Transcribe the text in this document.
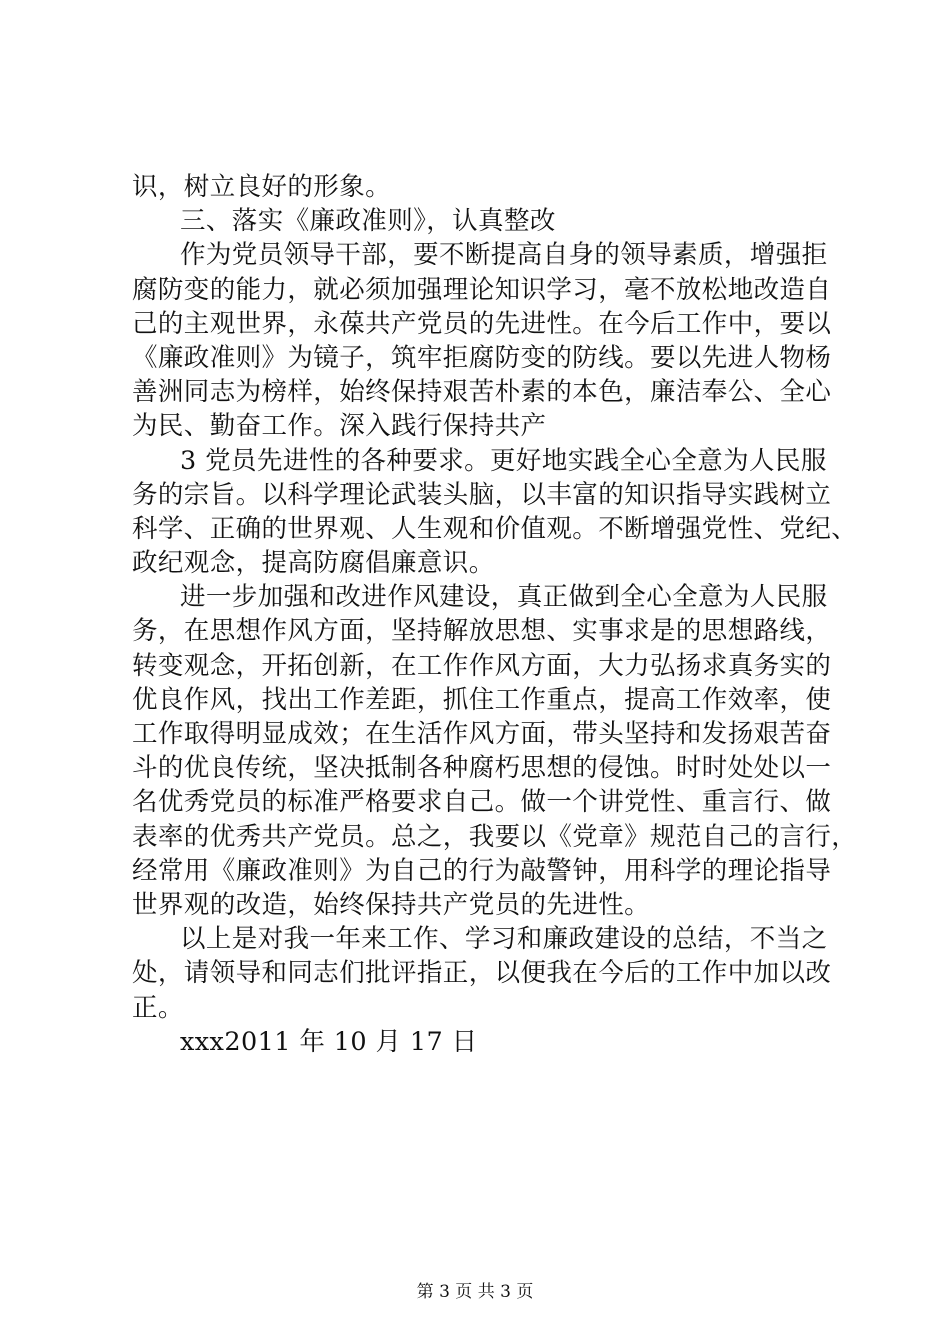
识，树立良好的形象。
三、落实《廉政准则》，认真整改
作为党员领导干部，要不断提高自身的领导素质，增强拒
腐防变的能力，就必须加强理论知识学习，毫不放松地改造自
己的主观世界，永葆共产党员的先进性。在今后工作中，要以
《廉政准则》为镜子，筑牢拒腐防变的防线。要以先进人物杨
善洲同志为榜样，始终保持艰苦朴素的本色，廉洁奉公、全心
为民、勤奋工作。深入践行保持共产
3 党员先进性的各种要求。更好地实践全心全意为人民服
务的宗旨。以科学理论武装头脑，以丰富的知识指导实践树立
科学、正确的世界观、人生观和价值观。不断增强党性、党纪、
政纪观念，提高防腐倡廉意识。
进一步加强和改进作风建设，真正做到全心全意为人民服
务，在思想作风方面，坚持解放思想、实事求是的思想路线，
转变观念，开拓创新，在工作作风方面，大力弘扬求真务实的
优良作风，找出工作差距，抓住工作重点，提高工作效率，使
工作取得明显成效；在生活作风方面，带头坚持和发扬艰苦奋
斗的优良传统，坚决抵制各种腐朽思想的侵蚀。时时处处以一
名优秀党员的标准严格要求自己。做一个讲党性、重言行、做
表率的优秀共产党员。总之，我要以《党章》规范自己的言行，
经常用《廉政准则》为自己的行为敲警钟，用科学的理论指导
世界观的改造，始终保持共产党员的先进性。
以上是对我一年来工作、学习和廉政建设的总结，不当之
处，请领导和同志们批评指正，以便我在今后的工作中加以改
正。
xxx2011 年 10 月 17 日
第 3 页 共 3 页
